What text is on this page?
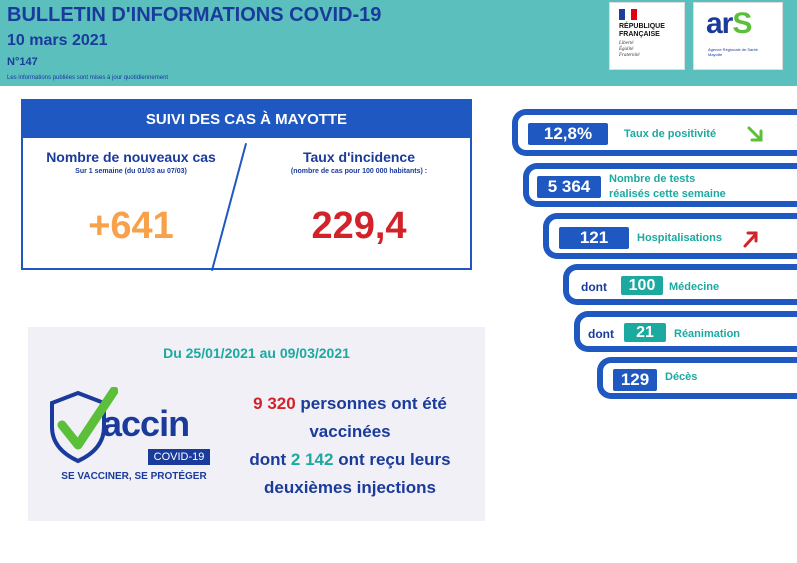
BULLETIN D'INFORMATIONS COVID-19
10 mars 2021
N°147
Les informations publiées sont mises à jour quotidiennement
RÉPUBLIQUE
FRANÇAISE
Liberté
Égalité
Fraternité
arS
Agence Régionale de Santé
Mayotte
SUIVI DES CAS À MAYOTTE
Nombre de nouveaux cas
Sur 1 semaine (du 01/03 au 07/03)
+641
Taux d'incidence
(nombre de cas pour 100 000 habitants) :
229,4
12,8%	Taux de positivité
5 364	Nombre de tests
réalisés cette semaine
121	Hospitalisations
dont	100	Médecine
dont	21	Réanimation
129	Décès
Du 25/01/2021 au 09/03/2021
accin
COVID-19
SE VACCINER, SE PROTÉGER
9 320 personnes ont été
vaccinées
dont 2 142 ont reçu leurs
deuxièmes injections
